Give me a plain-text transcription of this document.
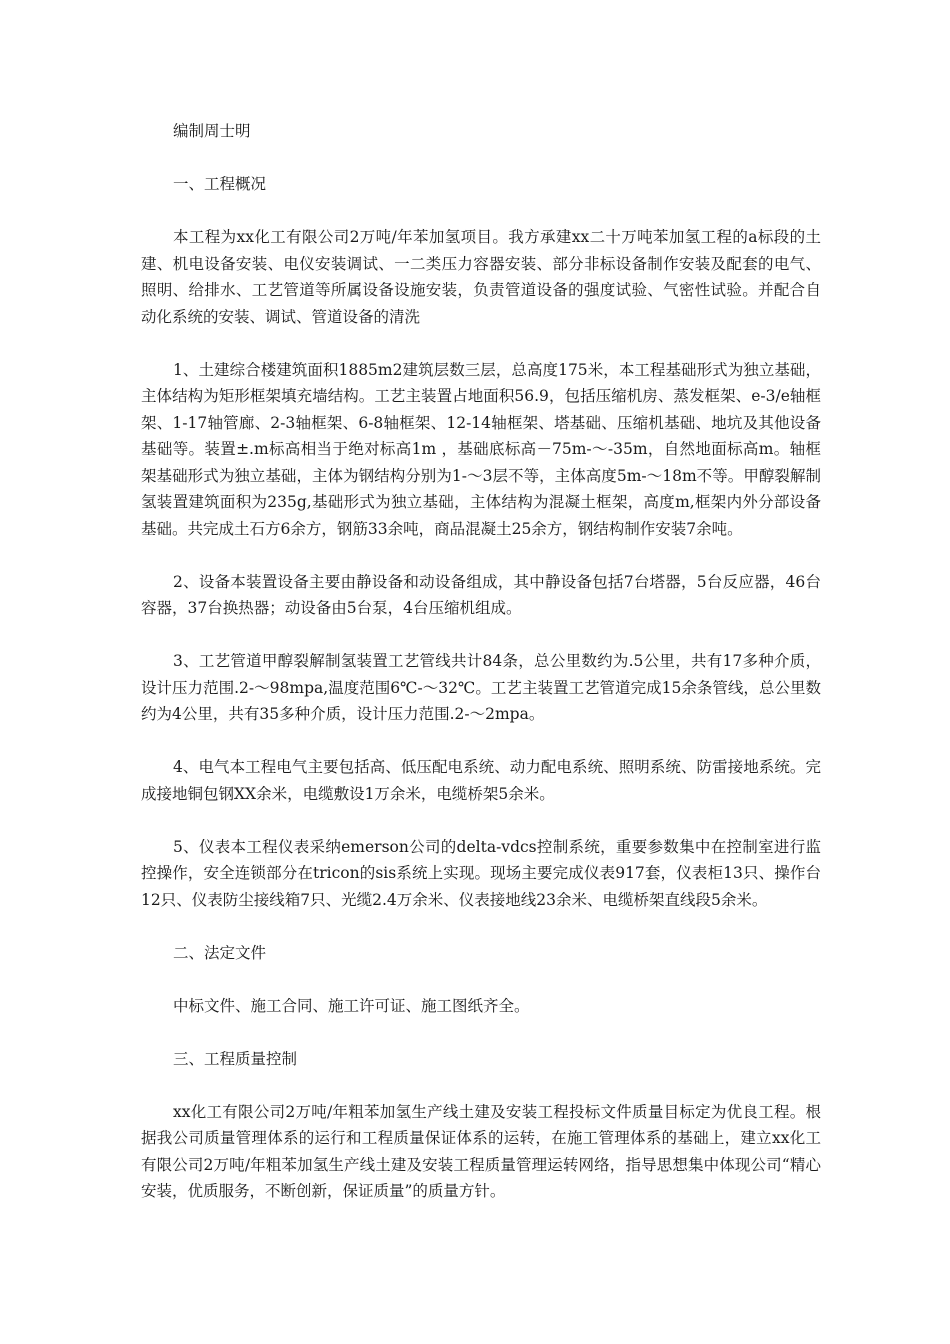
编制周士明

一、工程概况

本工程为xx化工有限公司2万吨/年苯加氢项目。我方承建xx二十万吨苯加氢工程的a标段的土建、机电设备安装、电仪安装调试、一二类压力容器安装、部分非标设备制作安装及配套的电气、照明、给排水、工艺管道等所属设备设施安装，负责管道设备的强度试验、气密性试验。并配合自动化系统的安装、调试、管道设备的清洗

1、土建综合楼建筑面积1885m2建筑层数三层，总高度175米，本工程基础形式为独立基础，主体结构为矩形框架填充墙结构。工艺主装置占地面积56.9，包括压缩机房、蒸发框架、e-3/e轴框架、1-17轴管廊、2-3轴框架、6-8轴框架、12-14轴框架、塔基础、压缩机基础、地坑及其他设备基础等。装置±.m标高相当于绝对标高1m ，基础底标高－75m-～-35m，自然地面标高m。轴框架基础形式为独立基础，主体为钢结构分别为1-～3层不等，主体高度5m-～18m不等。甲醇裂解制氢装置建筑面积为235g,基础形式为独立基础，主体结构为混凝土框架，高度m,框架内外分部设备基础。共完成土石方6余方，钢筋33余吨，商品混凝土25余方，钢结构制作安装7余吨。

2、设备本装置设备主要由静设备和动设备组成，其中静设备包括7台塔器，5台反应器，46台容器，37台换热器；动设备由5台泵，4台压缩机组成。

3、工艺管道甲醇裂解制氢装置工艺管线共计84条，总公里数约为.5公里，共有17多种介质，设计压力范围.2-～98mpa,温度范围6℃-～32℃。工艺主装置工艺管道完成15余条管线，总公里数约为4公里，共有35多种介质，设计压力范围.2-～2mpa。

4、电气本工程电气主要包括高、低压配电系统、动力配电系统、照明系统、防雷接地系统。完成接地铜包钢XX余米，电缆敷设1万余米，电缆桥架5余米。

5、仪表本工程仪表采纳emerson公司的delta-vdcs控制系统，重要参数集中在控制室进行监控操作，安全连锁部分在tricon的sis系统上实现。现场主要完成仪表917套，仪表柜13只、操作台12只、仪表防尘接线箱7只、光缆2.4万余米、仪表接地线23余米、电缆桥架直线段5余米。

二、法定文件

中标文件、施工合同、施工许可证、施工图纸齐全。

三、工程质量控制

xx化工有限公司2万吨/年粗苯加氢生产线土建及安装工程投标文件质量目标定为优良工程。根据我公司质量管理体系的运行和工程质量保证体系的运转，在施工管理体系的基础上，建立xx化工有限公司2万吨/年粗苯加氢生产线土建及安装工程质量管理运转网络，指导思想集中体现公司“精心安装，优质服务，不断创新，保证质量”的质量方针。
